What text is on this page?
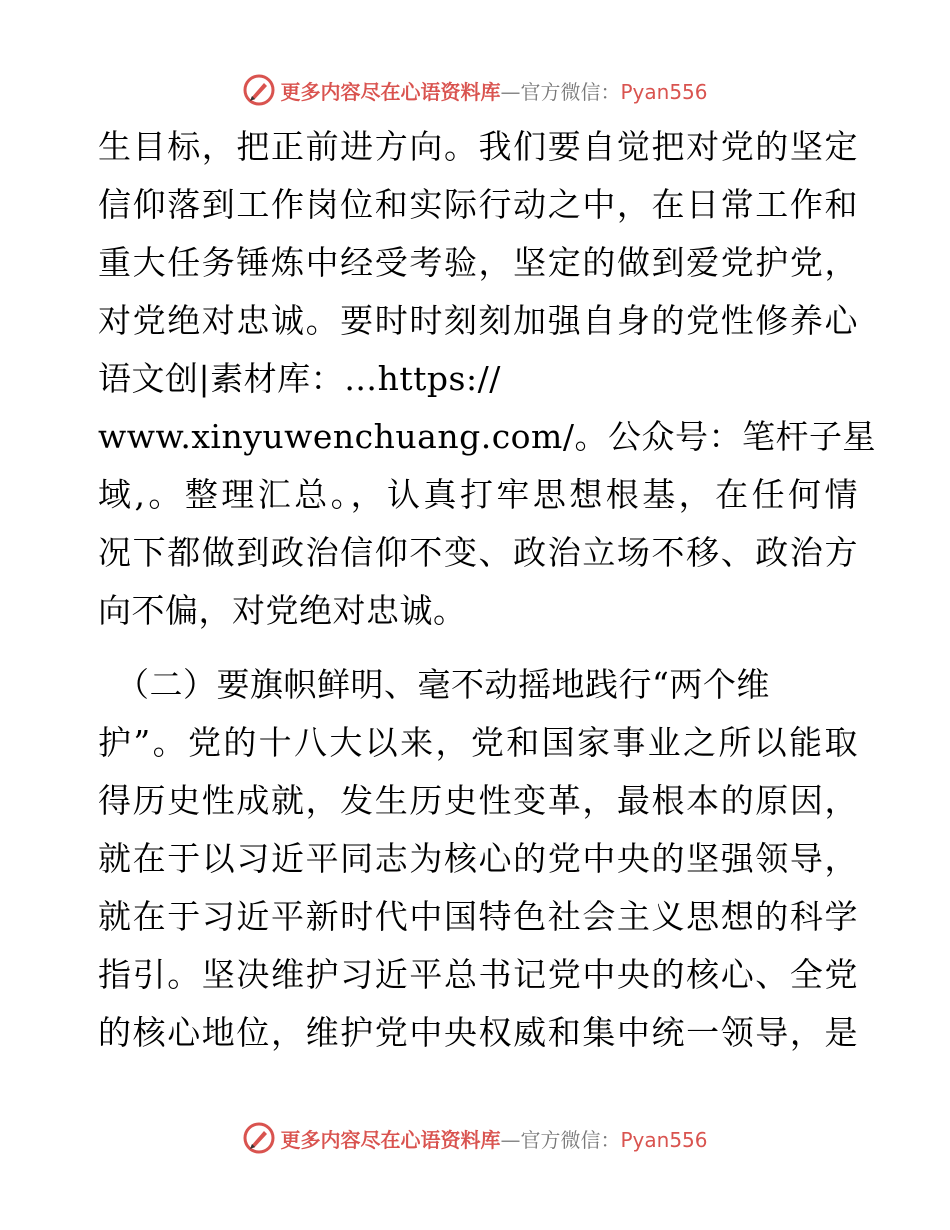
更多内容尽在心语资料库—官方微信：Pyan556
生目标，把正前进方向。我们要自觉把对党的坚定
信仰落到工作岗位和实际行动之中，在日常工作和
重大任务锤炼中经受考验，坚定的做到爱党护党，
对党绝对忠诚。要时时刻刻加强自身的党性修养心
语文创|素材库：…https://
www.xinyuwenchuang.com/。公众号：笔杆子星
域,。整理汇总。，认真打牢思想根基，在任何情
况下都做到政治信仰不变、政治立场不移、政治方
向不偏，对党绝对忠诚。
（二）要旗帜鲜明、毫不动摇地践行“两个维
护”。党的十八大以来，党和国家事业之所以能取
得历史性成就，发生历史性变革，最根本的原因，
就在于以习近平同志为核心的党中央的坚强领导，
就在于习近平新时代中国特色社会主义思想的科学
指引。坚决维护习近平总书记党中央的核心、全党
的核心地位，维护党中央权威和集中统一领导，是
更多内容尽在心语资料库—官方微信：Pyan556
